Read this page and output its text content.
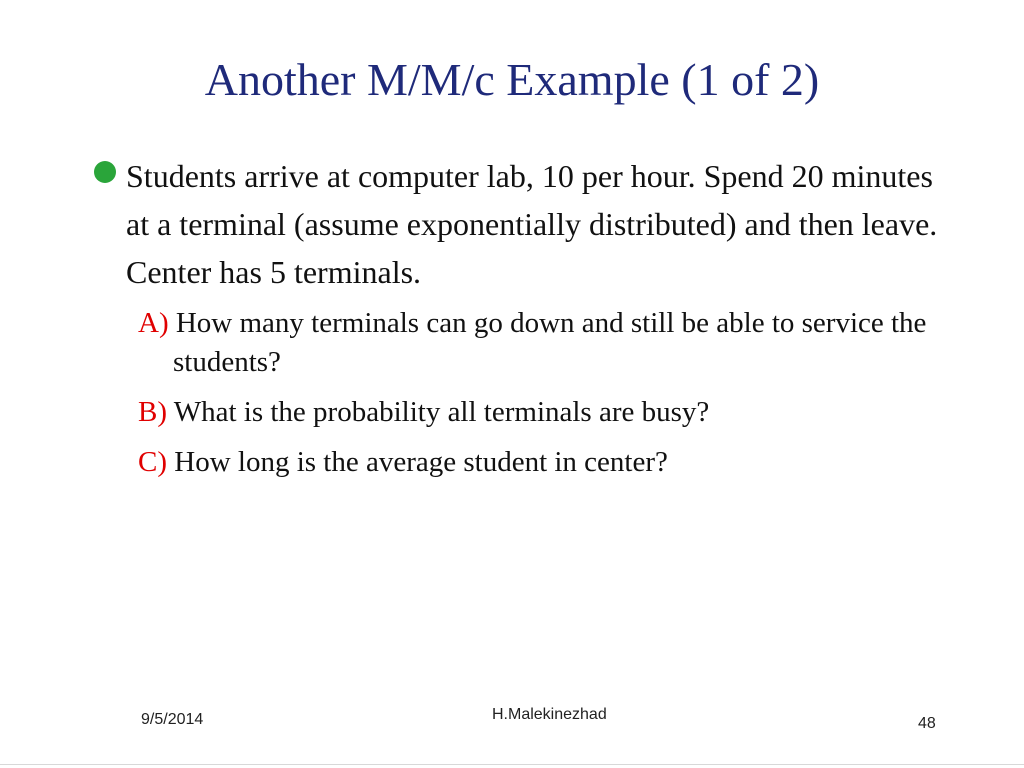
Another M/M/c Example (1 of 2)
Students arrive at computer lab, 10 per hour. Spend 20 minutes at a terminal (assume exponentially distributed) and then leave. Center has 5 terminals.
A) How many terminals can go down and still be able to service the students?
B) What is the probability all terminals are busy?
C) How long is the average student in center?
9/5/2014	H.Malekinezhad
48
